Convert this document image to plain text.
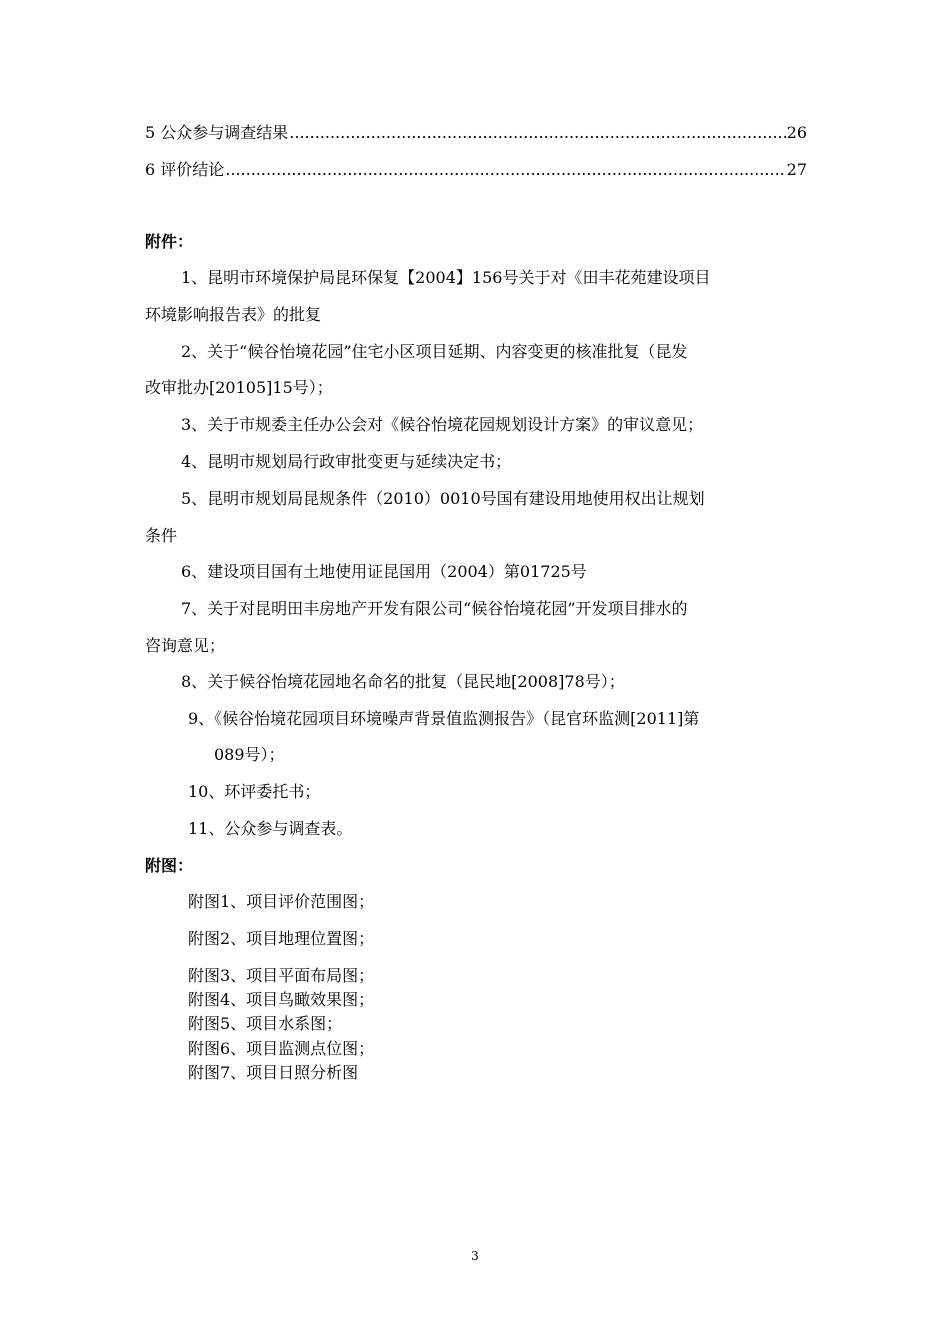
5 公众参与调查结果 .....	26
6 评价结论 .....	27
附件：
1、昆明市环境保护局昆环保复【2004】156号关于对《田丰花苑建设项目
环境影响报告表》的批复
2、关于“候谷怡境花园”住宅小区项目延期、内容变更的核准批复（昆发
改审批办[20105]15号）；
3、关于市规委主任办公会对《候谷怡境花园规划设计方案》的审议意见；
4、昆明市规划局行政审批变更与延续决定书；
5、昆明市规划局昆规条件（2010）0010号国有建设用地使用权出让规划
条件
6、建设项目国有土地使用证昆国用（2004）第01725号
7、关于对昆明田丰房地产开发有限公司“候谷怡境花园”开发项目排水的
咨询意见；
8、关于候谷怡境花园地名命名的批复（昆民地[2008]78号）；
9、《候谷怡境花园项目环境噪声背景值监测报告》（昆官环监测[2011]第
089号）；
10、环评委托书；
11、公众参与调查表。
附图：
附图1、项目评价范围图；
附图2、项目地理位置图；
附图3、项目平面布局图；
附图4、项目鸟瞰效果图；
附图5、项目水系图；
附图6、项目监测点位图；
附图7、项目日照分析图
3
